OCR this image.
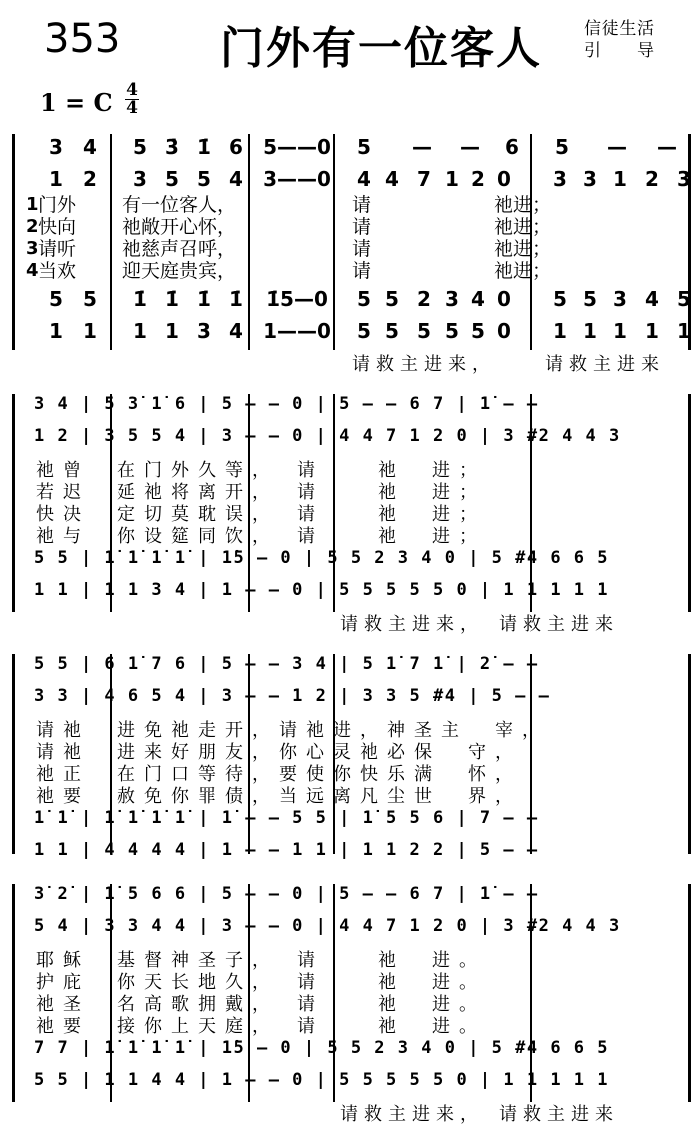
353 门外有一位客人 信徒生活
引导
1 = C 4
4
3 4 5 3̇ 1̇ 6 5——0 5 — — 6 5 — —
1 2 3 5 5 4 3——0 4 4 7 1 2 0 3 3 1 2 3
1 门外 有一位客人，	请	祂进；
2 快向 祂敞开心怀，	请	祂进；
3 请听 祂慈声召呼，	请	祂进；
4 当欢 迎天庭贵宾，	请	祂进；
5 5 1̇ 1̇ 1̇ 1̇ 1̇5—0 5 5 2 3 4 0 5 5 3 4 5
1 1 1 1 3 4 1——0 5 5 5 5 5 0 1 1 1 1 1
请救主进来，	请救主进来
3 4 | 5 3̇ 1̇ 6 | 5 — — 0 | 5 — — 6 7 | 1̇ — —
1 2 | 3 5 5 4 | 3 — — 0 | 4 4 7 1 2 0 | 3 #2 4 4 3
祂曾　在门外久等，　请　　祂　进；
若迟　延祂将离开，　请　　祂　进；
快决　定切莫耽误，　请　　祂　进；
祂与　你设筵同饮，　请　　祂　进；
5 5 | 1̇ 1̇ 1̇ 1̇ | 1̇5 — 0 | 5 5 2 3 4 0 | 5 #4 6 6 5
1 1 | 1 1 3 4 | 1 — — 0 | 5 5 5 5 5 0 | 1 1 1 1 1
请救主进来，　请救主进来
5 5 | 6 1̇ 7 6 | 5 — — 3 4 | 5 1̇ 7 1̇ | 2̇ — —
3 3 | 4 6 5 4 | 3 — — 1 2 | 3 3 5 #4 | 5 — —
请祂　进免祂走开，请祂进，神圣主　宰，
请祂　进来好朋友，你心灵祂必保　守，
祂正　在门口等待，要使你快乐满　怀，
祂要　赦免你罪债，当远离凡尘世　界，
1̇ 1̇ | 1̇ 1̇ 1̇ 1̇ | 1̇ — — 5 5 | 1̇ 5 5 6 | 7 — —
1 1 | 4 4 4 4 | 1 — — 1 1 | 1 1 2 2 | 5 — —
3̇ 2̇ | 1̇ 5 6 6 | 5 — — 0 | 5 — — 6 7 | 1̇ — —
5 4 | 3 3 4 4 | 3 — — 0 | 4 4 7 1 2 0 | 3 #2 4 4 3
耶稣　基督神圣子，　请　　祂　进。
护庇　你天长地久，　请　　祂　进。
祂圣　名高歌拥戴，　请　　祂　进。
祂要　接你上天庭，　请　　祂　进。
7 7 | 1̇ 1̇ 1̇ 1̇ | 1̇5 — 0 | 5 5 2 3 4 0 | 5 #4 6 6 5
5 5 | 1 1 4 4 | 1 — — 0 | 5 5 5 5 5 0 | 1 1 1 1 1
请救主进来，　请救主进来
